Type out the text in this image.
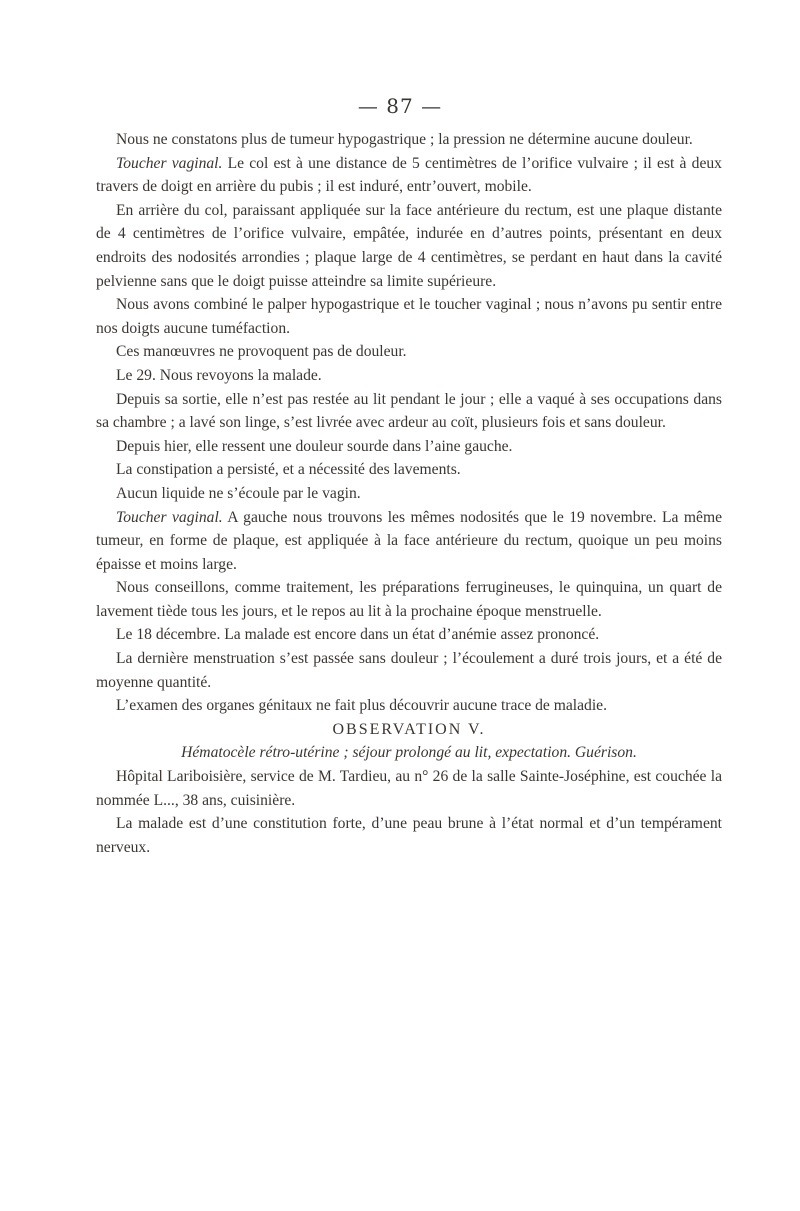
— 87 —

Nous ne constatons plus de tumeur hypogastrique ; la pression ne détermine aucune douleur.

Toucher vaginal. Le col est à une distance de 5 centimètres de l’orifice vulvaire ; il est à deux travers de doigt en arrière du pubis ; il est induré, entr’ouvert, mobile.

En arrière du col, paraissant appliquée sur la face antérieure du rectum, est une plaque distante de 4 centimètres de l’orifice vulvaire, empâtée, indurée en d’autres points, présentant en deux endroits des nodosités arrondies ; plaque large de 4 centimètres, se perdant en haut dans la cavité pelvienne sans que le doigt puisse atteindre sa limite supérieure.

Nous avons combiné le palper hypogastrique et le toucher vaginal ; nous n’avons pu sentir entre nos doigts aucune tuméfaction.

Ces manœuvres ne provoquent pas de douleur.

Le 29. Nous revoyons la malade.

Depuis sa sortie, elle n’est pas restée au lit pendant le jour ; elle a vaqué à ses occupations dans sa chambre ; a lavé son linge, s’est livrée avec ardeur au coït, plusieurs fois et sans douleur.

Depuis hier, elle ressent une douleur sourde dans l’aine gauche.

La constipation a persisté, et a nécessité des lavements.

Aucun liquide ne s’écoule par le vagin.

Toucher vaginal. A gauche nous trouvons les mêmes nodosités que le 19 novembre. La même tumeur, en forme de plaque, est appliquée à la face antérieure du rectum, quoique un peu moins épaisse et moins large.

Nous conseillons, comme traitement, les préparations ferrugineuses, le quinquina, un quart de lavement tiède tous les jours, et le repos au lit à la prochaine époque menstruelle.

Le 18 décembre. La malade est encore dans un état d’anémie assez prononcé.

La dernière menstruation s’est passée sans douleur ; l’écoulement a duré trois jours, et a été de moyenne quantité.

L’examen des organes génitaux ne fait plus découvrir aucune trace de maladie.

OBSERVATION V.

Hématocèle rétro-utérine ; séjour prolongé au lit, expectation. Guérison.

Hôpital Lariboisière, service de M. Tardieu, au n° 26 de la salle Sainte-Joséphine, est couchée la nommée L..., 38 ans, cuisinière.

La malade est d’une constitution forte, d’une peau brune à l’état normal et d’un tempérament nerveux.
